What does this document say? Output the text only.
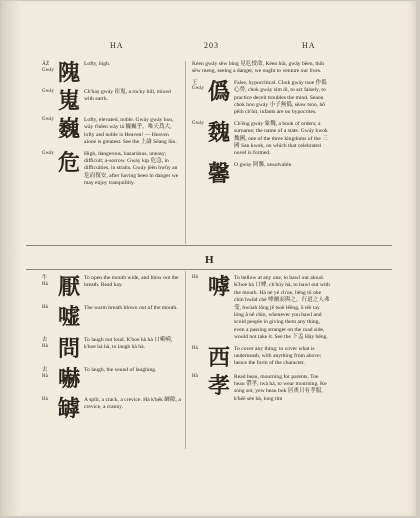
HA	203	HA
ÄŽ
Gwáy 隗 Lofty, high.
Gwáy 嵬 Ch'hay gwáy 崔嵬, a rocky hill, mixed with earth.
Gwáy 巍 Lofty, elevated, noble. Gwáy gwáy hoo, wāy t'hēen wāy tá 巍巍乎，唯天爲大, lofty and noble is Heaven! — Heaven alone is greatest. See the 上論 Sëang lün.
Gwáy 危 High, dangerous, hazardous, uneasy; difficult; a-sorrow. Gwáy kip 危急, in difficulties, in straits. Gwáy jëën hwūy an 危而復安, after having been in danger we may enjoy tranquillity.
Kéen gwáy sëw bing 見危授命, Kéen hūi, gwáy bëen, thih sëw meng, seeing a danger, we ought to venture our lives.
王
Gwáy 僞 False, hypocritical. Chok gwáy tsoe 作僞心勞, chok gwáy sim lǒ, to act falsely, to practice deceit troubles the mind. Seaou chok hoo gwáy 小子無僞, sëaw tsoo, hǒ pëih ch'hit, infants are no hypocrites.
Gwáy 魏 Ch'ëng gwáy 象魏, a book of orders; a surname; the name of a state. Gwáy kwok 魏國, one of the three kingdoms of the 三國 San kwok, on which that celebrated novel is formed.
馨 O gwáy 阿馨, unsolvable.
H
牛
Hà 厭 To open the mouth wide, and blow out the breath. Read hay.
Hà 嘘 The warm breath blown out of the mouth.
去
Hà 問 To laugh out loud. K'hoe hà hà 口嗬嗬, k'hoe hà hà, to laugh hà hà.
去
Hà 嚇 To laugh, the sound of laughing.
Hà 罅 A split, a crack, a crevice. Hà k'hëk 罅隙, a crevice, a cranny.
Hà 嘑 To bellow at any one, to bawl out aloud. K'hoe hà 口嘑, ch'hüy hà, to bawl out with the mouth. Hà nè yé ch'oe, hêng tŏ ohe chin hwüd chè 嘑爾而與之，行道之人弗受, hwüah lǒng jê tsoë lëëng, ŭ tëë tay löng ă nê chin, whenever you bawl and scold people in giving them any thing, even a passing stranger on the road side, would not take it. See the 下孟 Hày bēng.
Hà 西 To cover any thing; to cover what is underneath, with anything from above; hence the form of the character.
Hà 孝 Read heau, mourning for parents. Toe heau 帶孝, twà hà, to wear mourning. Ke song sot, yew heau bok 居喪日有孝服, k'hëë sëe hà, long tim
